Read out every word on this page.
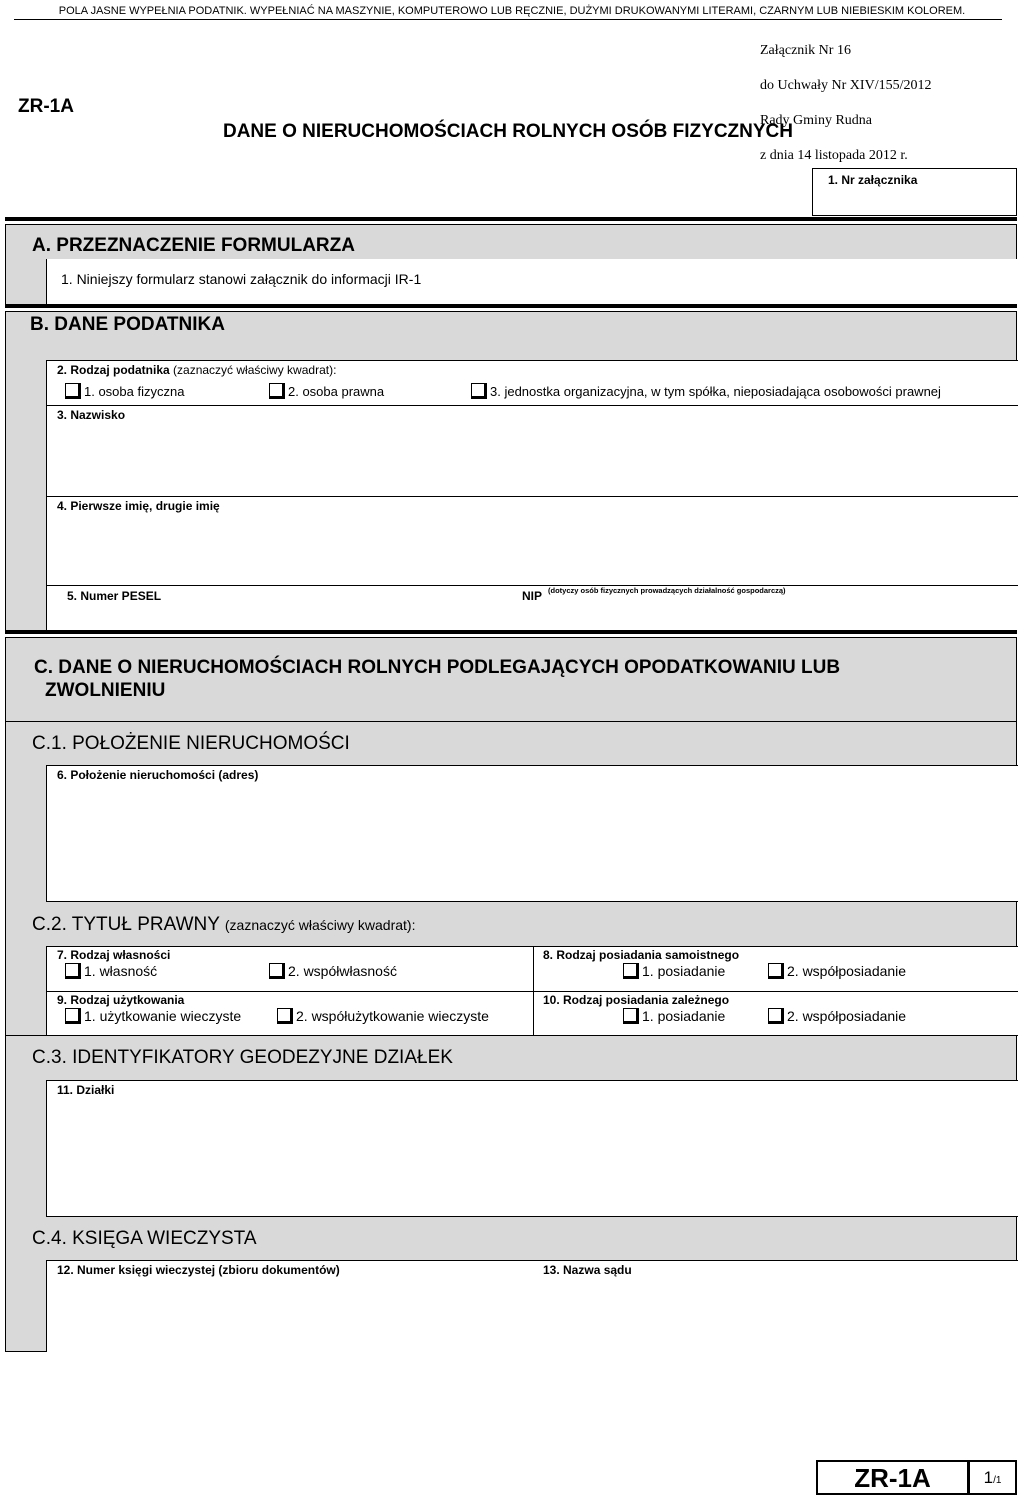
POLA JASNE WYPEŁNIA PODATNIK. WYPEŁNIAĆ NA MASZYNIE, KOMPUTEROWO LUB RĘCZNIE, DUŻYMI DRUKOWANYMI LITERAMI, CZARNYM LUB NIEBIESKIM KOLOREM.

Załącznik Nr 16

do Uchwały Nr XIV/155/2012

Rady Gminy Rudna

z dnia 14 listopada 2012 r.

ZR-1A
DANE O NIERUCHOMOŚCIACH ROLNYCH OSÓB FIZYCZNYCH
1. Nr załącznika
A. PRZEZNACZENIE FORMULARZA
1. Niniejszy formularz stanowi załącznik do informacji IR-1
B. DANE PODATNIKA
2. Rodzaj podatnika (zaznaczyć właściwy kwadrat):
1. osoba fizyczna	2. osoba prawna	3. jednostka organizacyjna, w tym spółka, nieposiadająca osobowości prawnej
3. Nazwisko
4. Pierwsze imię, drugie imię
5. Numer PESEL	NIP (dotyczy osób fizycznych prowadzących działalność gospodarczą)
C. DANE O NIERUCHOMOŚCIACH ROLNYCH PODLEGAJĄCYCH OPODATKOWANIU LUB
ZWOLNIENIU
C.1. POŁOŻENIE NIERUCHOMOŚCI
6. Położenie nieruchomości (adres)
C.2. TYTUŁ PRAWNY (zaznaczyć właściwy kwadrat):
7. Rodzaj własności
1. własność	2. współwłasność
8. Rodzaj posiadania samoistnego
1. posiadanie	2. współposiadanie
9. Rodzaj użytkowania
1. użytkowanie wieczyste	2. współużytkowanie wieczyste
10. Rodzaj posiadania zależnego
1. posiadanie	2. współposiadanie
C.3. IDENTYFIKATORY GEODEZYJNE DZIAŁEK
11. Działki
C.4. KSIĘGA WIECZYSTA
12. Numer księgi wieczystej (zbioru dokumentów)	13. Nazwa sądu
ZR-1A	1/1
